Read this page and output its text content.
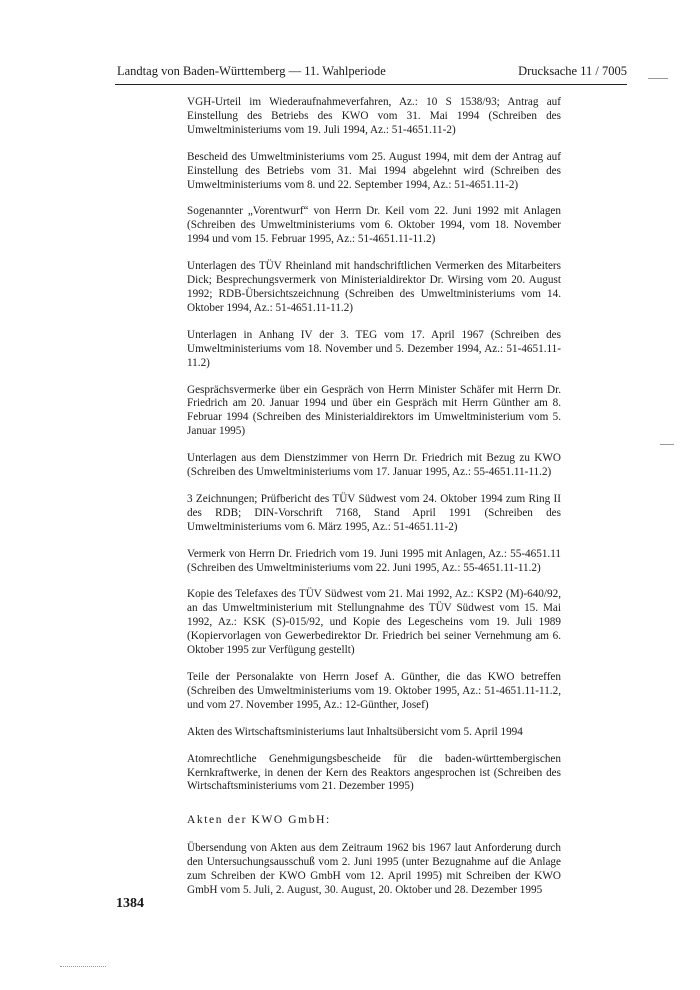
Landtag von Baden-Württemberg — 11. Wahlperiode	Drucksache 11 / 7005

VGH-Urteil im Wiederaufnahmeverfahren, Az.: 10 S 1538/93; Antrag auf Einstellung des Betriebs des KWO vom 31. Mai 1994 (Schreiben des Umweltministeriums vom 19. Juli 1994, Az.: 51-4651.11-2)

Bescheid des Umweltministeriums vom 25. August 1994, mit dem der Antrag auf Einstellung des Betriebs vom 31. Mai 1994 abgelehnt wird (Schreiben des Umweltministeriums vom 8. und 22. September 1994, Az.: 51-4651.11-2)

Sogenannter „Vorentwurf“ von Herrn Dr. Keil vom 22. Juni 1992 mit Anlagen (Schreiben des Umweltministeriums vom 6. Oktober 1994, vom 18. November 1994 und vom 15. Februar 1995, Az.: 51-4651.11-11.2)

Unterlagen des TÜV Rheinland mit handschriftlichen Vermerken des Mitarbeiters Dick; Besprechungsvermerk von Ministerialdirektor Dr. Wirsing vom 20. August 1992; RDB-Übersichtszeichnung (Schreiben des Umweltministeriums vom 14. Oktober 1994, Az.: 51-4651.11-11.2)

Unterlagen in Anhang IV der 3. TEG vom 17. April 1967 (Schreiben des Umweltministeriums vom 18. November und 5. Dezember 1994, Az.: 51-4651.11-11.2)

Gesprächsvermerke über ein Gespräch von Herrn Minister Schäfer mit Herrn Dr. Friedrich am 20. Januar 1994 und über ein Gespräch mit Herrn Günther am 8. Februar 1994 (Schreiben des Ministerialdirektors im Umweltministerium vom 5. Januar 1995)

Unterlagen aus dem Dienstzimmer von Herrn Dr. Friedrich mit Bezug zu KWO (Schreiben des Umweltministeriums vom 17. Januar 1995, Az.: 55-4651.11-11.2)

3 Zeichnungen; Prüfbericht des TÜV Südwest vom 24. Oktober 1994 zum Ring II des RDB; DIN-Vorschrift 7168, Stand April 1991 (Schreiben des Umweltministeriums vom 6. März 1995, Az.: 51-4651.11-2)

Vermerk von Herrn Dr. Friedrich vom 19. Juni 1995 mit Anlagen, Az.: 55-4651.11 (Schreiben des Umweltministeriums vom 22. Juni 1995, Az.: 55-4651.11-11.2)

Kopie des Telefaxes des TÜV Südwest vom 21. Mai 1992, Az.: KSP2 (M)-640/92, an das Umweltministerium mit Stellungnahme des TÜV Südwest vom 15. Mai 1992, Az.: KSK (S)-015/92, und Kopie des Legescheins vom 19. Juli 1989 (Kopiervorlagen von Gewerbedirektor Dr. Friedrich bei seiner Vernehmung am 6. Oktober 1995 zur Verfügung gestellt)

Teile der Personalakte von Herrn Josef A. Günther, die das KWO betreffen (Schreiben des Umweltministeriums vom 19. Oktober 1995, Az.: 51-4651.11-11.2, und vom 27. November 1995, Az.: 12-Günther, Josef)

Akten des Wirtschaftsministeriums laut Inhaltsübersicht vom 5. April 1994

Atomrechtliche Genehmigungsbescheide für die baden-württembergischen Kernkraftwerke, in denen der Kern des Reaktors angesprochen ist (Schreiben des Wirtschaftsministeriums vom 21. Dezember 1995)

Akten der KWO GmbH:

Übersendung von Akten aus dem Zeitraum 1962 bis 1967 laut Anforderung durch den Untersuchungsausschuß vom 2. Juni 1995 (unter Bezugnahme auf die Anlage zum Schreiben der KWO GmbH vom 12. April 1995) mit Schreiben der KWO GmbH vom 5. Juli, 2. August, 30. August, 20. Oktober und 28. Dezember 1995

1384
